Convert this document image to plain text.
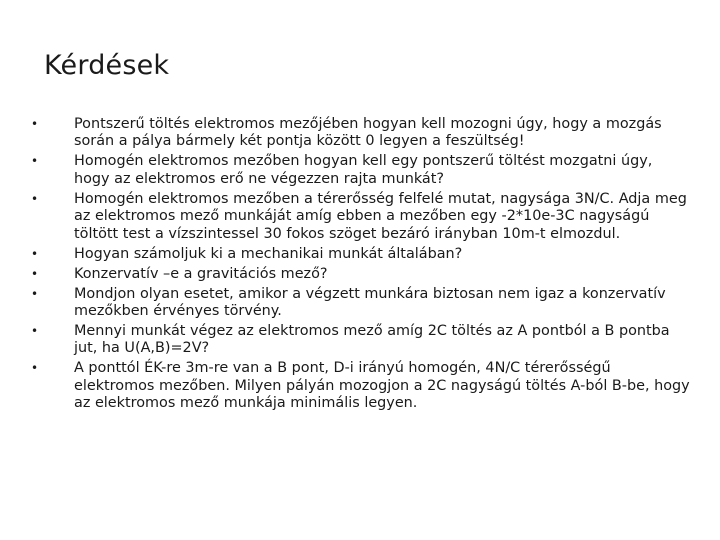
Kérdések
•	Pontszerű töltés elektromos mezőjében hogyan kell mozogni úgy, hogy a mozgás során a pálya bármely két pontja között 0 legyen a feszültség!
•	Homogén elektromos mezőben hogyan kell egy pontszerű töltést mozgatni úgy, hogy az elektromos erő ne végezzen rajta munkát?
•	Homogén elektromos mezőben a térerősség felfelé mutat, nagysága 3N/C. Adja meg az elektromos mező munkáját amíg ebben a mezőben egy -2*10e-3C nagyságú töltött test a vízszintessel 30 fokos szöget bezáró irányban 10m-t elmozdul.
•	Hogyan számoljuk ki a mechanikai munkát általában?
•	Konzervatív –e a gravitációs mező?
•	Mondjon olyan esetet, amikor a végzett munkára biztosan nem igaz a konzervatív mezőkben érvényes törvény.
•	Mennyi munkát végez az elektromos mező amíg 2C töltés az A pontból a B pontba jut, ha U(A,B)=2V?
•	A ponttól ÉK-re 3m-re van a B pont, D-i irányú homogén, 4N/C térerősségű elektromos mezőben. Milyen pályán mozogjon a 2C nagyságú töltés A-ból B-be, hogy az elektromos mező munkája minimális legyen.
